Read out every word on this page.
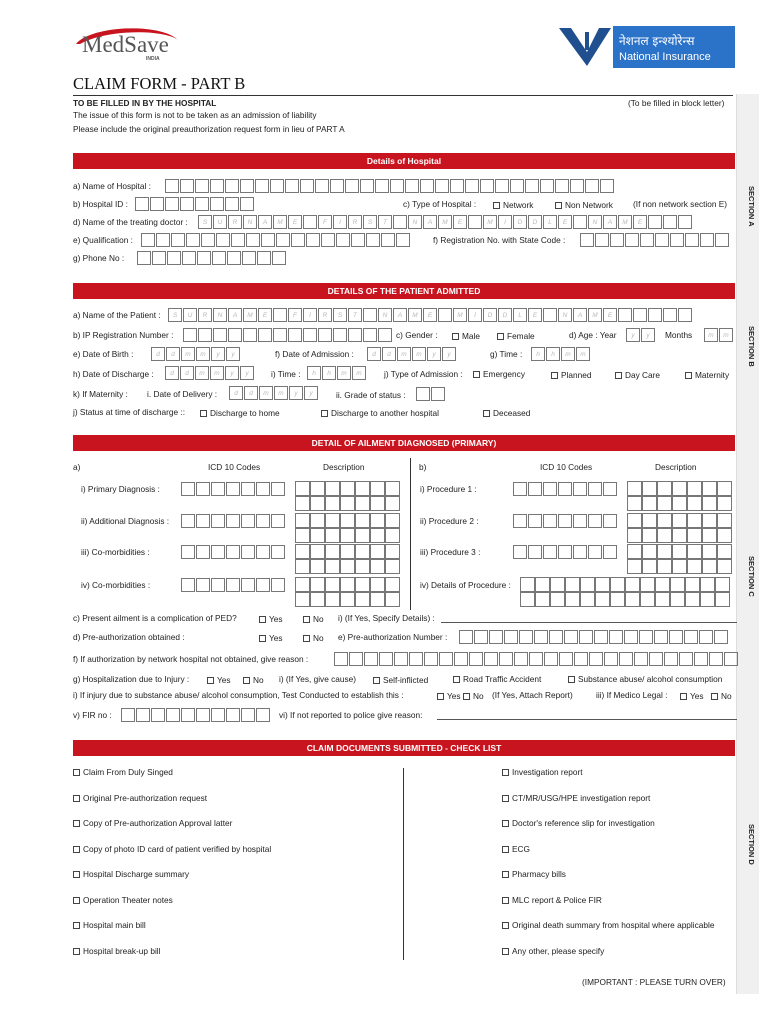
MedSave
INDIA
नेशनल इन्श्योरेन्स
National Insurance
CLAIM FORM - PART B
TO BE FILLED IN BY THE HOSPITAL
The issue of this form is not to be taken as an admission of liability
Please include the original preauthorization request form in lieu of PART A
(To be filled in block letter)
SECTION A
SECTION B
SECTION C
SECTION D
Details of Hospital
a) Name of Hospital :
b) Hospital ID :	c) Type of Hospital :	Network	Non Network (If non network section E)
d) Name of the treating doctor :	S	U	R	N	A	M	E	F	I	R	S	T	N	A	M	E	M	I	D	D	L	E	N	A	M	E
e) Qualification :	f) Registration No. with State Code :
g) Phone No :
DETAILS OF THE PATIENT ADMITTED
a) Name of the Patient :	S	U	R	N	A	M	E	F	I	R	S	T	N	A	M	E	M	I	D	D	L	E	N	A	M	E
b) IP Registration Number :	c) Gender :	Male	Female	d) Age : Year	y	y	Months	m	m
e) Date of Birth :	d	d	m	m	y	y	f) Date of Admission :	d	d	m	m	y	y	g) Time :	h	h	m	m
h) Date of Discharge :	d	d	m	m	y	y	i) Time :	h	h	m	m	j) Type of Admission :	Emergency	Planned	Day Care	Maternity
k) If Maternity : i. Date of Delivery :	d	d	m	m	y	y	ii. Grade of status :
j) Status at time of discharge ::	Discharge to home	Discharge to another hospital	Deceased
DETAIL OF AILMENT DIAGNOSED (PRIMARY)
a)	ICD 10 Codes	Description	b)	ICD 10 Codes	Description
i) Primary Diagnosis :
ii) Additional Diagnosis :
iii) Co-morbidities :
iv) Co-morbidities :
i) Procedure 1 :
ii) Procedure 2 :
iii) Procedure 3 :
iv) Details of Procedure :
c) Present ailment is a complication of PED?	Yes	No i) (If Yes, Specify Details) :
d) Pre-authorization obtained :	Yes	No e) Pre-authorization Number :
f) If authorization by network hospital not obtained, give reason :
g) Hospitalization due to Injury :	Yes	No i) (If Yes, give cause)	Self-inflicted	Road Traffic Accident	Substance abuse/ alcohol consumption
i) If injury due to substance abuse/ alcohol consumption, Test Conducted to establish this :	Yes	No (If Yes, Attach Report)	iii) If Medico Legal :	Yes	No
v) FIR no :	vi) If not reported to police give reason:
CLAIM DOCUMENTS SUBMITTED - CHECK LIST
Claim From Duly Singed
Original Pre-authorization request
Copy of Pre-authorization Approval latter
Copy of photo ID card of patient verified by hospital
Hospital Discharge summary
Operation Theater notes
Hospital main bill
Hospital break-up bill
Investigation report
CT/MR/USG/HPE investigation report
Doctor's reference slip for investigation
ECG
Pharmacy bills
MLC report & Police FIR
Original death summary from hospital where applicable
Any other, please specify
(IMPORTANT : PLEASE TURN OVER)
